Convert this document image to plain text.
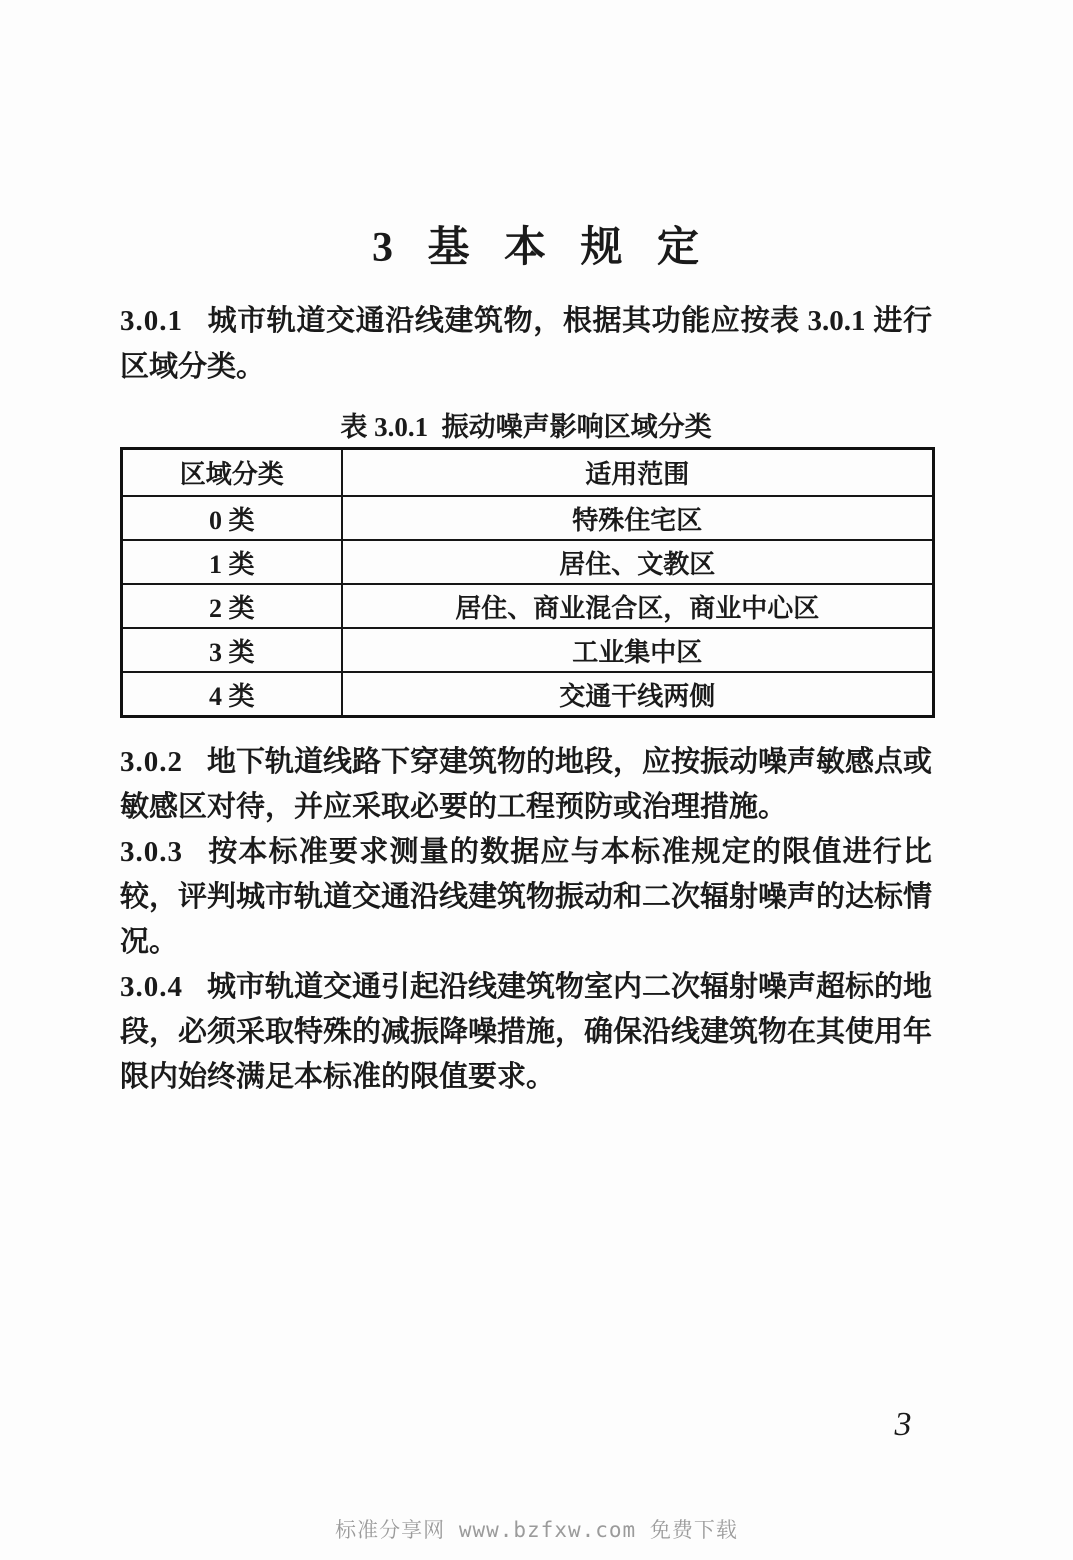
3 基 本 规 定

3.0.1 城市轨道交通沿线建筑物，根据其功能应按表 3.0.1 进行区域分类。

表 3.0.1  振动噪声影响区域分类
区域分类	适用范围
0 类	特殊住宅区
1 类	居住、文教区
2 类	居住、商业混合区，商业中心区
3 类	工业集中区
4 类	交通干线两侧

3.0.2 地下轨道线路下穿建筑物的地段，应按振动噪声敏感点或敏感区对待，并应采取必要的工程预防或治理措施。

3.0.3 按本标准要求测量的数据应与本标准规定的限值进行比较，评判城市轨道交通沿线建筑物振动和二次辐射噪声的达标情况。

3.0.4 城市轨道交通引起沿线建筑物室内二次辐射噪声超标的地段，必须采取特殊的减振降噪措施，确保沿线建筑物在其使用年限内始终满足本标准的限值要求。

3
标准分享网 www.bzfxw.com 免费下载
